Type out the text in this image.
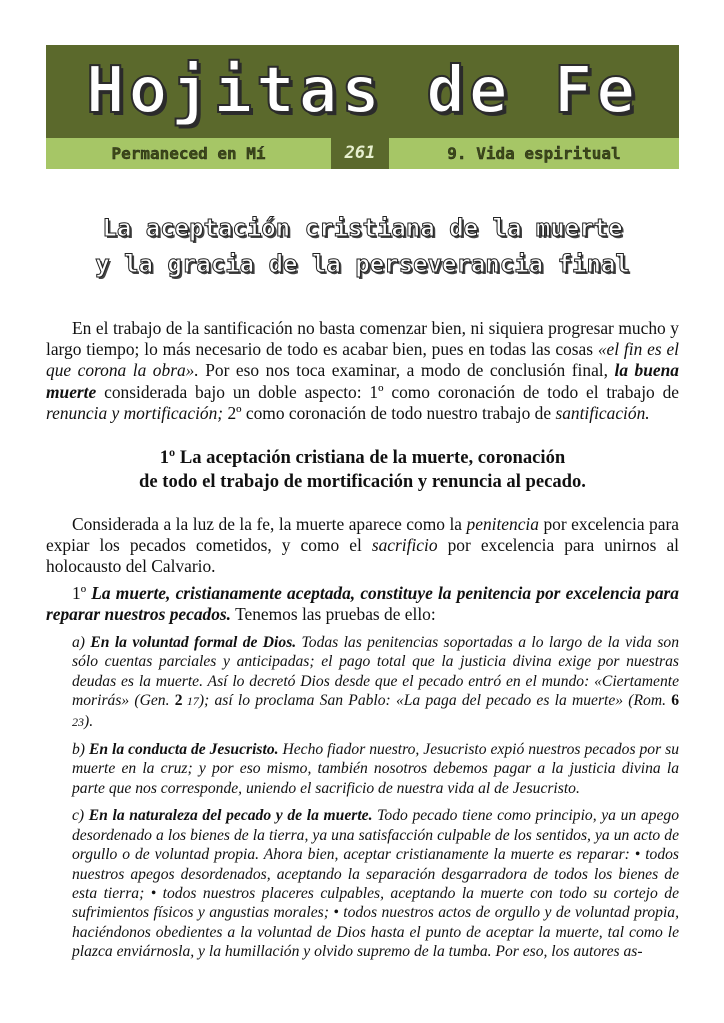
Hojitas de Fe
Permaneced en Mí	261	9. Vida espiritual
La aceptación cristiana de la muerte
y la gracia de la perseverancia final

En el trabajo de la santificación no basta comenzar bien, ni siquiera progresar mucho y largo tiempo; lo más necesario de todo es acabar bien, pues en todas las cosas «el fin es el que corona la obra». Por eso nos toca examinar, a modo de conclusión final, la buena muerte considerada bajo un doble aspecto: 1º como coronación de todo el trabajo de renuncia y mortificación; 2º como coronación de todo nuestro trabajo de santificación.

1º La aceptación cristiana de la muerte, coronación
de todo el trabajo de mortificación y renuncia al pecado.

Considerada a la luz de la fe, la muerte aparece como la penitencia por excelencia para expiar los pecados cometidos, y como el sacrificio por excelencia para unirnos al holocausto del Calvario.

1º La muerte, cristianamente aceptada, constituye la penitencia por excelencia para reparar nuestros pecados. Tenemos las pruebas de ello:

a) En la voluntad formal de Dios. Todas las penitencias soportadas a lo largo de la vida son sólo cuentas parciales y anticipadas; el pago total que la justicia divina exige por nuestras deudas es la muerte. Así lo decretó Dios desde que el pecado entró en el mundo: «Ciertamente morirás» (Gen. 2 17); así lo proclama San Pablo: «La paga del pecado es la muerte» (Rom. 6 23).

b) En la conducta de Jesucristo. Hecho fiador nuestro, Jesucristo expió nuestros pecados por su muerte en la cruz; y por eso mismo, también nosotros debemos pagar a la justicia divina la parte que nos corresponde, uniendo el sacrificio de nuestra vida al de Jesucristo.

c) En la naturaleza del pecado y de la muerte. Todo pecado tiene como principio, ya un apego desordenado a los bienes de la tierra, ya una satisfacción culpable de los sentidos, ya un acto de orgullo o de voluntad propia. Ahora bien, aceptar cristianamente la muerte es reparar: • todos nuestros apegos desordenados, aceptando la separación desgarradora de todos los bienes de esta tierra; • todos nuestros placeres culpables, aceptando la muerte con todo su cortejo de sufrimientos físicos y angustias morales; • todos nuestros actos de orgullo y de voluntad propia, haciéndonos obedientes a la voluntad de Dios hasta el punto de aceptar la muerte, tal como le plazca enviárnosla, y la humillación y olvido supremo de la tumba. Por eso, los autores as-
